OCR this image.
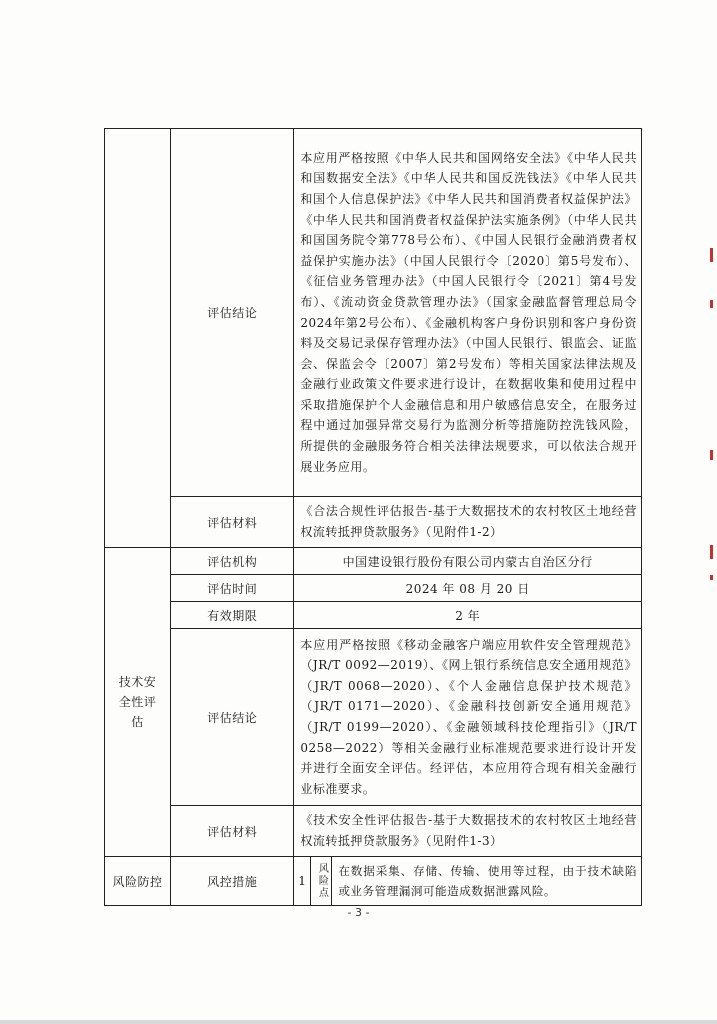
	评估结论	本应用严格按照《中华人民共和国网络安全法》《中华人民共和国数据安全法》《中华人民共和国反洗钱法》《中华人民共和国个人信息保护法》《中华人民共和国消费者权益保护法》《中华人民共和国消费者权益保护法实施条例》（中华人民共和国国务院令第778号公布）、《中国人民银行金融消费者权益保护实施办法》（中国人民银行令〔2020〕第5号发布）、《征信业务管理办法》（中国人民银行令〔2021〕第4号发布）、《流动资金贷款管理办法》（国家金融监督管理总局令2024年第2号公布）、《金融机构客户身份识别和客户身份资料及交易记录保存管理办法》（中国人民银行、银监会、证监会、保监会令〔2007〕第2号发布）等相关国家法律法规及金融行业政策文件要求进行设计，在数据收集和使用过程中采取措施保护个人金融信息和用户敏感信息安全，在服务过程中通过加强异常交易行为监测分析等措施防控洗钱风险，所提供的金融服务符合相关法律法规要求，可以依法合规开展业务应用。
	评估材料	《合法合规性评估报告-基于大数据技术的农村牧区土地经营权流转抵押贷款服务》（见附件1-2）
技术安全性评估	评估机构	中国建设银行股份有限公司内蒙古自治区分行
	评估时间	2024 年 08 月 20 日
	有效期限	2 年
	评估结论	本应用严格按照《移动金融客户端应用软件安全管理规范》（JR/T 0092—2019）、《网上银行系统信息安全通用规范》（JR/T 0068—2020）、《个人金融信息保护技术规范》（JR/T 0171—2020）、《金融科技创新安全通用规范》（JR/T 0199—2020）、《金融领域科技伦理指引》（JR/T 0258—2022）等相关金融行业标准规范要求进行设计开发并进行全面安全评估。经评估，本应用符合现有相关金融行业标准要求。
	评估材料	《技术安全性评估报告-基于大数据技术的农村牧区土地经营权流转抵押贷款服务》（见附件1-3）
风险防控	风控措施	1 风险点 在数据采集、存储、传输、使用等过程，由于技术缺陷或业务管理漏洞可能造成数据泄露风险。
- 3 -
